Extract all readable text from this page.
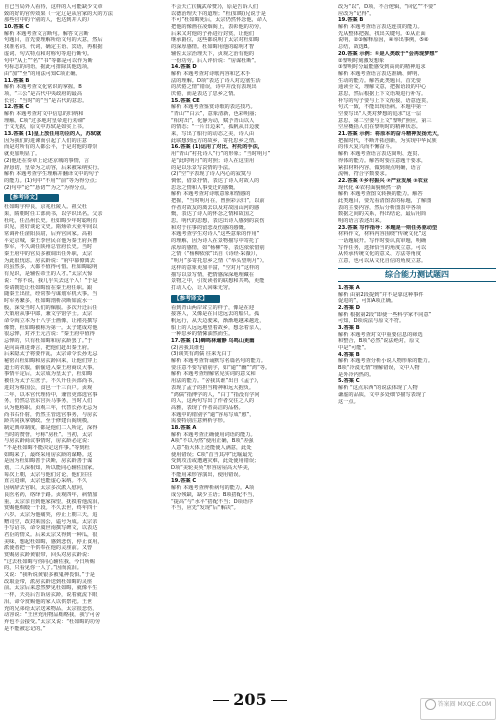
自已当局外人看待，这样的人可能缺少文章
致的好的官传效果（一定辽是从官家的大的方法
那些官中的个别的人，也达到并人的）
10.答案 C
解析 本题考查文言断句。解答文言断
句题目，首先要理解所给文句的大意，然后
找准名词、代词，确定主语、宾语，再根据
虚词、句式特点和对称句等进行断句。
句中“从上”“名”“书”等都是可以作为断
句标志的词语，据此可排除其他选项，
由“加”“至”的用法可知C项正确。
11.答案 B
解析 本题考查文化常识的掌握。B
项，“三公”是古代中央政府的最高
长官；“当时”的“当”是古代的意思。
12.答案 C
解析 本题考查对文中信息的归纳和
理解。C项“过多地对皇帝进行劝谏”
于文无据，原文中苏轼是如实上书。
13.答案 (1)皇上放任用功臣的人，苏轼就
因为我们的进谏而引起了人们的注意
而是对所有的人都公平，于是对他的尊崇
就更加明显了。
(2)他还在奏章上论述京城的事情，言
辞恳切，皇帝为之动容，后来被采纳实行。
解析 本题考查学生理解并翻译文中的句子
的能力。(1)句中“不用”“前”等为得分点；
(2)句中“论”“恳切”“为之”为得分点。
【参考译文】
杜如晦字仲良，京兆杜陵人。祖父杜
果，隋朝时任工部尚书，以学识出名。父亲
杜吒，任昌州长史。杜如晦少年时聪明有
识见，喜好谈论文史。隋炀帝大业年间以
常调补任滏阳县尉，后弃官回家。高祖
平定京城，秦王李世民召他为秦王府兵曹
参军，不久调任陕州总管府长史。当时
秦王府中的官员多被调出任外职，太宗
为此很忧虑。房玄龄说：“府中幕僚离去
的虽然多，大都不值得可惜。杜如晦聪明
有见识，是辅佐帝王的人才。”太宗大惊
说：“你不说，我几乎失去这个人！”于是
奏请朝廷让杜如晦留在秦王府任职。跟
随秦王出征，经常参与谋划军机大事。当
时军务繁多，杜如晦剖析决断如流水一
般，深受当时人们的佩服。多次升迁后任
天策府从事中郎，兼文学馆学士。太宗
命令阎立本为十八学士画像，让褚亮撰写
像赞，杜如晦被称为第一。太子建成对他
很忌惮，对齐王元吉说：“秦王府中值得
忌惮的，只有杜如晦和房玄龄罢了。”于
是向高祖进谗言，把他们赶出秦王府。
后来隐太子将要作乱，太宗命令长孙无忌
秘密召杜如晦和房玄龄回来，让他们穿上
道士的衣服，偷偷进入秦王府商议大事。
事情平定后，太宗成为皇太子，杜如晦
被任为太子左庶子。不久升任兵部尚书，
进封为蔡国公，食邑一千三百户。贞观
二年，以本官代理侍中，兼管吏部选官事
务，仍然总管东宫兵马事务，当时人们
认为他称职。贞观三年，代替长孙无忌为
尚书右仆射，仍然主管选官事务，与房玄
龄共同执掌朝政。至于修建台阁规模，
制定典章制度，都是他们二人所定，深得
当时的赞誉，号称“房杜”。当初，太宗
与房玄龄商议事情时，房玄龄必定说：
“不是杜如晦不能决定这件事。”等到杜
如晦来了，最终采用房玄龄的谋略。这
是因为杜如晦善于决断，房玄龄善于谋
划，二人深相知，所以能同心辅佐国家。
每次上朝，太宗与他们讨论，他们往往
直言进谏，太宗也能虚心采纳。不久
因病辞去官职，太宗多次派人慰问，
良医名药，络绎于路。贞观四年，病情加
重，太宗亲自到他家探望，抚摸着他流泪，
赏赐他绸缎一千段。不久去世，终年四十
六岁。太宗为他痛哭，停止上朝三天，追
赠司空，改封莱国公，谥号为成。太宗亲
手写诏书，命令虞世南撰写碑文，以表达
君臣的情义。后来太宗又得到一种瓜，很
美味，想起杜如晦，感到悲伤，停止食用，
派使者把一半供奉在他的灵座前。又曾
赏赐房玄龄黄银带，回头对房玄龄说：
“过去杜如晦与你同心辅佐我，今日所赐
的，只看见你一人了。”因而流泪。
又说：“我听说黄银多被鬼神畏惧。”于是
改取金带，派房玄龄送到杜如晦的灵座
前。太宗后来忽然梦见杜如晦，就像平生
一样，天亮后告诉房玄龄，说着就流下眼
泪，命令赏赐他的家人以供祭祀。王世
充的兄弟给太宗送来物品，太宗很悲伤，
动容说：“王世充用物品贿赂我，我宁可舍
弃也不会接受。”太宗又说：“杜如晦的功劳
是不能被忘记的。”
不会天亡(《魏武帝赞》)，原是告诉人们
以德治理天下的道理；“杜(如晦)兄说于是
不可”杜如晦死后，太宗仍然怀念他，命人
把他的像画在凌烟阁上，表彰他的功劳，
后来又对他的子孙进行封赏，让他们
继承爵位，这些都说明了太宗对杜如晦
的深厚感情。杜如晦用他的聪明才智
辅佐太宗治理天下，贞观之治有他的
一份功劳。后人评价说：“房谋杜断”。
14.答案 D
解析 本题考查对诗歌内容和艺术手
法的理解。D项“表达了诗人对边塞生活
的厌倦之情”错误，诗中并没有表现出
厌倦，而是表达了思乡之情。
15.答案 CE
解析 本题考查鉴赏诗歌的表达技巧。
“青山”“白云”，意象清新，色彩明丽；
“相对出”，化静为动，赋予青山以人
的情态；“一片日边来”，孤帆从日边驶
来，写出了船行的动态之美，诗人由
此联想到远方的故乡，寄托思乡之情。
16.答案 (1)运用了对比、衬托的手法，
用“青山”衬托诗人“行”的形象；“当时明月”
是“此时明月”的对照；诗人在这里用
的是以乐景写哀情的手法。
(2)“空”字表现了诗人内心的寂寞与
惆怅，借景抒情，表达了诗人对故人的
思念之情和人事变迁的感慨。
解析 本题考查对诗歌意象和情感的
把握，“当时明月在，曾照彩云归”，以前
作者对故友的离去以及对故园山河的感
慨，表达了诗人的怀念之情和故国之
思。明代的思想，表达出诗人感到的哀伤
和对于往事的留恋及伤感的感慨。
本题考查学生对诗人“这些意象的作用”
的理解，因为诗人在景物描写中寄托了
浓厚的感情，如“杨柳”等，表达依依惜别
之情（“杨柳依依”出自《诗经·采薇》），
“明月”多寄托思乡之情（“举头望明月”）。
这样的意象更加丰富，“空对月”这样的
描写以景写情，把情感深深地埋藏在
景物之中，引发读者的联想和共鸣，更能
打动人心，让人回味无穷。
【参考译文】
看到青山两岸耸立的样子，像是在迎
接客人，又像是在目送远去的船只。孤
帆远行，从天边驶来，渐渐地越来越近，
船上的人远远地望着故乡，想念着亲人，
一种思乡的情愫油然而生。
17.答案 (1)蝉鸣林逾静 鸟鸣山更幽
(2)舍我其谁也
(3)谈笑有鸿儒 往来无白丁
解析 本题考查背诵默写名篇名句的能力。
要注意不要写错别字，如“逾”“幽”“鸿”等。
解析 本题考查理解常见实词的意义和
用法的能力。“舍我其谁”出自《孟子》，
表现了孟子的担当精神和远大抱负。
“鸿儒”指博学的人，“白丁”指没有学问
的人，这两句写出了作者交往之人的
高雅，表现了作者高洁的品格。
本题中的错别字“逾”容易写成“愈”，
需要特别注意辨析字形。
18.答案 A
解析 本题考查正确使用词语的能力。
A项“不以为然”使用正确，B项“差强
人意”指大体上还能使人满意，此处
使用错误；C项“首当其冲”比喻最先
受到攻击或遭遇灾难，此处使用错误；
D项“美轮美奂”形容房屋高大华美，
不能用来形容演出，使用错误。
19.答案 C
解析 本题考查辨析病句的能力。A项
成分残缺，缺少主语；B项搭配不当，
“提高”与“水平”搭配不当；D项语序
不当，应先“发现”后“解决”。
改为“以”，D项，不合逻辑，“回忆”“不要”
应改为“记得”。
19.答案 B
解析 本题考查语言表达连贯的能力。
先从整体把握，找出关键句。①从正面
说明，②③解释原因，④举出事例，⑤⑥
总结，故选B。
20.答案 示例：①是人类敢于“会再现梦想”
②黎明时刻激发想象
③黎明时分最能感受到高尚的精神追求
解析 本题考查语言表达准确、鲜明、
生动的能力。解答此类题目，首先要
通读全文，理解文意，把握语段的中心
意思，然后根据上下文语境进行补写。
补写的句子要与上下文衔接，语意连贯，
句式一致，不能出现语病。本题中第一
空要写出“人类对梦想的追求”这一层
意思，第二空要与上文“黎明”照应，第三
空应概括人们在黎明时的精神状态。
21.答案 示例：将原本的奋斗精神发扬光大，
把握时代，不断开拓创新，为实现中华民族
的伟大复兴而不懈奋斗。
解析 本题考查语言表达简明、连贯、
得体的能力。解答时要注意题干要求，
紧扣材料内容，做到观点明确，语言
流畅，符合字数要求。
22.答案 ①乡村振兴 ②产业发展 ③农业
现代化 ④农村面貌焕然一新
解析 本题考查图文转换的能力。解答
此类题目，要先看清图表的标题，了解图
表的主要内容，然后分析图表中各项
数据之间的关系，得出结论，最后用简
明的语言表述出来。
23.答案 写作指导：本题是一则任务驱动型
材料作文，材料内容围绕“传统文化”这
一话题展开。写作时要认真审题，明确
写作任务，选择恰当的角度立意。可以
从传承传统文化的意义、方法等角度
立意，也可以从文化自信的角度立意。
综合能力测试题四
1.答案 A
解析 由第2段提到“并不是靠这种事件
促进的”，可知A项正确。
2.答案 D
解析 根据第2段“即使一些科学家不同意”
可知，D项说法与原文不符。
3.答案 B
解析 本题考查对文中重要信息的筛选
和整合，B项“必然”说法绝对，原文
中是“可能”。
4.答案 B
解析 本题考查分析小说人物形象的能力。
B项“冷漠无情”理解错误，文中人物
是外冷内热的。
5.答案 C
解析 “这点东西”的说法体现了人物
谦虚的品质，文中多处细节描写表现了
这一点。
205	答案圈 MXQE.COM
